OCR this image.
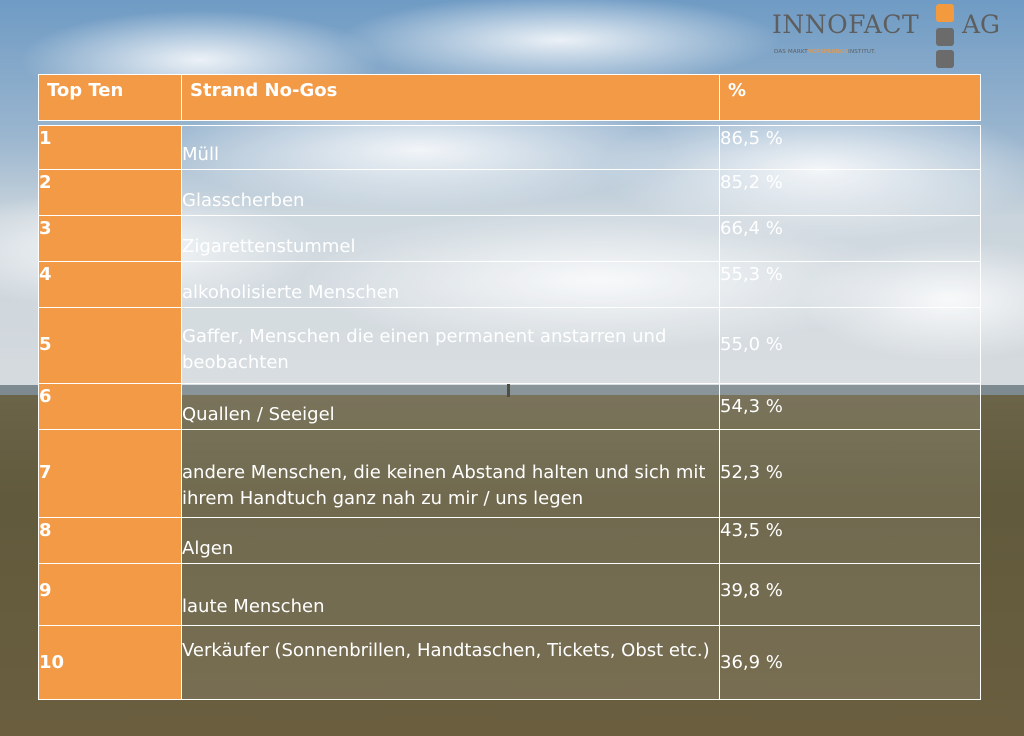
INNOFACT AG
DAS MARKTVORSPRUNGSINSTITUT.
Top Ten	Strand No-Gos	%

1	Müll	86,5 %
2	Glasscherben	85,2 %
3	Zigarettenstummel	66,4 %
4	alkoholisierte Menschen	55,3 %
5	Gaffer, Menschen die einen permanent anstarren und beobachten	55,0 %
6	Quallen / Seeigel	54,3 %
7	andere Menschen, die keinen Abstand halten und sich mit ihrem Handtuch ganz nah zu mir / uns legen	52,3 %
8	Algen	43,5 %
9	laute Menschen	39,8 %
10	Verkäufer (Sonnenbrillen, Handtaschen, Tickets, Obst etc.)	36,9 %
